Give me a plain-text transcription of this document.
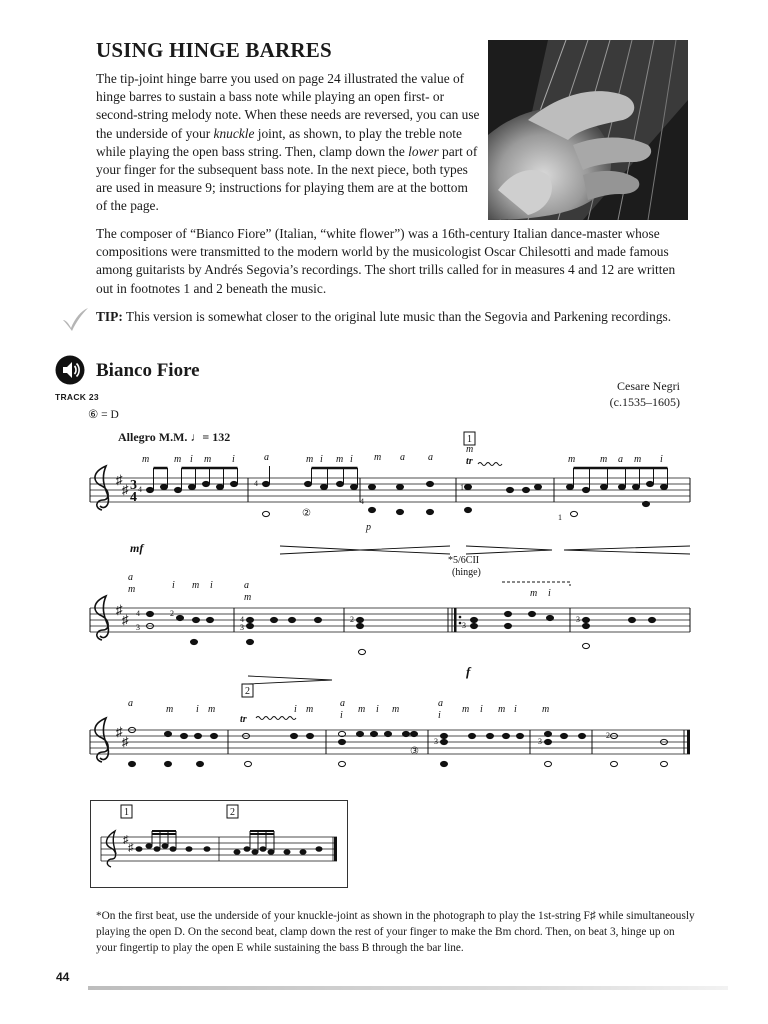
USING HINGE BARRES
The tip-joint hinge barre you used on page 24 illustrated the value of hinge barres to sustain a bass note while playing an open first- or second-string melody note. When these needs are reversed, you can use the underside of your knuckle joint, as shown, to play the treble note while playing the open bass string. Then, clamp down the lower part of your finger for the subsequent bass note. In the next piece, both types are used in measure 9; instructions for playing them are at the bottom of the page.
The composer of “Bianco Fiore” (Italian, “white flower”) was a 16th-century Italian dance-master whose compositions were transmitted to the modern world by the musicologist Oscar Chilesotti and made famous among guitarists by Andrés Segovia’s recordings. The short trills called for in measures 4 and 12 are written out in footnotes 1 and 2 beneath the music.
TIP: This version is somewhat closer to the original lute music than the Segovia and Parkening recordings.
TRACK 23
Bianco Fiore
Cesare Negri
(c.1535–1605)
⑥ = D
Allegro M.M. ♩= 132
♯
♯
♯
♯
♯
♯
3
4
1
2
tr
tr
mf
f
*5/6CII
(hinge)
②
③
p
m m i m i	a	m i m i m a a
m
m m a m i
a
m	i m i	a
m	m i
a
m i m	i m
a
i
m i m
a
i
m i m i	m
4
4
4
1
1
4
3
2
4
3
2
3
3
3	3
2
♯
♯
1	2
*On the first beat, use the underside of your knuckle-joint as shown in the photograph to play the 1st-string F♯ while simultaneously playing the open D. On the second beat, clamp down the rest of your finger to make the Bm chord. Then, on beat 3, hinge up on your fingertip to play the open E while sustaining the bass B through the bar line.
44
